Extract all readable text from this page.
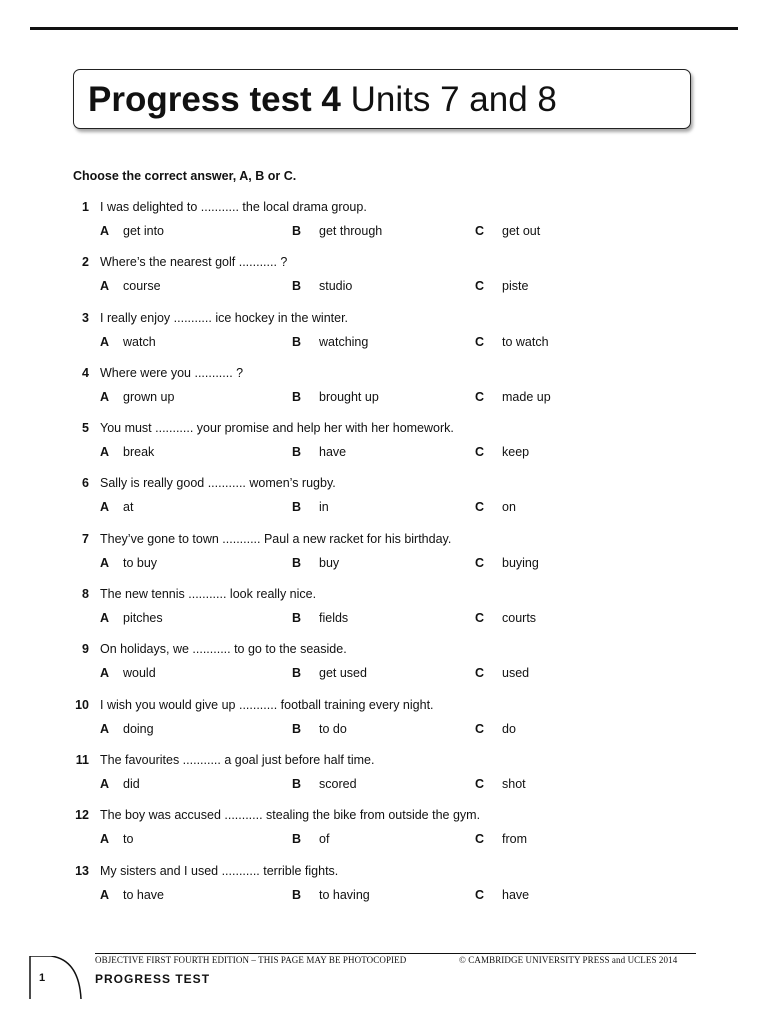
Progress test 4 Units 7 and 8
Choose the correct answer, A, B or C.
1 I was delighted to ........... the local drama group.
A get into	B get through	C get out
2 Where’s the nearest golf ........... ?
A course	B studio	C piste
3 I really enjoy ........... ice hockey in the winter.
A watch	B watching	C to watch
4 Where were you ........... ?
A grown up	B brought up	C made up
5 You must ........... your promise and help her with her homework.
A break	B have	C keep
6 Sally is really good ........... women’s rugby.
A at	B in	C on
7 They’ve gone to town ........... Paul a new racket for his birthday.
A to buy	B buy	C buying
8 The new tennis ........... look really nice.
A pitches	B fields	C courts
9 On holidays, we ........... to go to the seaside.
A would	B get used	C used
10 I wish you would give up ........... football training every night.
A doing	B to do	C do
11 The favourites ........... a goal just before half time.
A did	B scored	C shot
12 The boy was accused ........... stealing the bike from outside the gym.
A to	B of	C from
13 My sisters and I used ........... terrible fights.
A to have	B to having	C have
OBJECTIVE FIRST FOURTH EDITION – THIS PAGE MAY BE PHOTOCOPIED	© CAMBRIDGE UNIVERSITY PRESS and UCLES 2014
1	PROGRESS TEST
